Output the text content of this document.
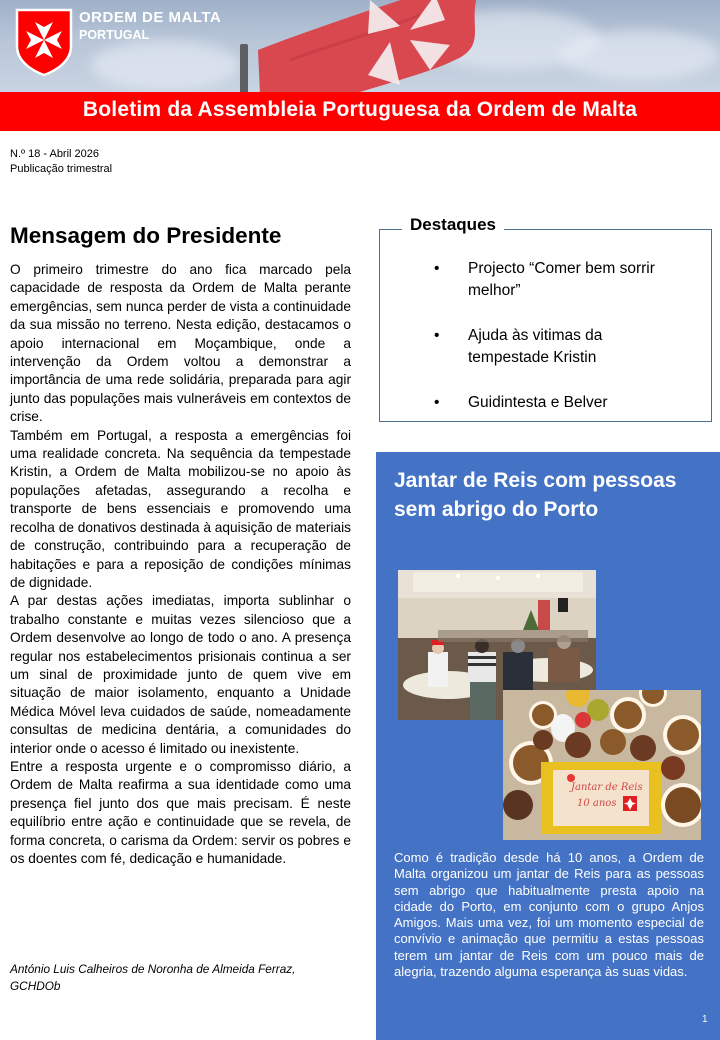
ORDEM DE MALTA
PORTUGAL
Boletim da Assembleia Portuguesa da Ordem de Malta
N.º 18 - Abril 2026
Publicação trimestral
Mensagem do Presidente

O primeiro trimestre do ano fica marcado pela capacidade de resposta da Ordem de Malta perante emergências, sem nunca perder de vista a continuidade da sua missão no terreno. Nesta edição, destacamos o apoio internacional em Moçambique, onde a intervenção da Ordem voltou a demonstrar a importância de uma rede solidária, preparada para agir junto das populações mais vulneráveis em contextos de crise.

Também em Portugal, a resposta a emergências foi uma realidade concreta. Na sequência da tempestade Kristin, a Ordem de Malta mobilizou-se no apoio às populações afetadas, assegurando a recolha e transporte de bens essenciais e promovendo uma recolha de donativos destinada à aquisição de materiais de construção, contribuindo para a recuperação de habitações e para a reposição de condições mínimas de dignidade.

A par destas ações imediatas, importa sublinhar o trabalho constante e muitas vezes silencioso que a Ordem desenvolve ao longo de todo o ano. A presença regular nos estabelecimentos prisionais continua a ser um sinal de proximidade junto de quem vive em situação de maior isolamento, enquanto a Unidade Médica Móvel leva cuidados de saúde, nomeadamente consultas de medicina dentária, a comunidades do interior onde o acesso é limitado ou inexistente.

Entre a resposta urgente e o compromisso diário, a Ordem de Malta reafirma a sua identidade como uma presença fiel junto dos que mais precisam. É neste equilíbrio entre ação e continuidade que se revela, de forma concreta, o carisma da Ordem: servir os pobres e os doentes com fé, dedicação e humanidade.

António Luis Calheiros de Noronha de Almeida Ferraz,
GCHDOb
Destaques
• Projecto “Comer bem sorrir
melhor”
• Ajuda às vitimas da
tempestade Kristin
• Guidintesta e Belver
Jantar de Reis com pessoas sem abrigo do Porto
Jantar de Reis
10 anos
Como é tradição desde há 10 anos, a Ordem de Malta organizou um jantar de Reis para as pessoas sem abrigo que habitualmente presta apoio na cidade do Porto, em conjunto com o grupo Anjos Amigos. Mais uma vez, foi um momento especial de convívio e animação que permitiu a estas pessoas terem um jantar de Reis com um pouco mais de alegria, trazendo alguma esperança às suas vidas.
1
